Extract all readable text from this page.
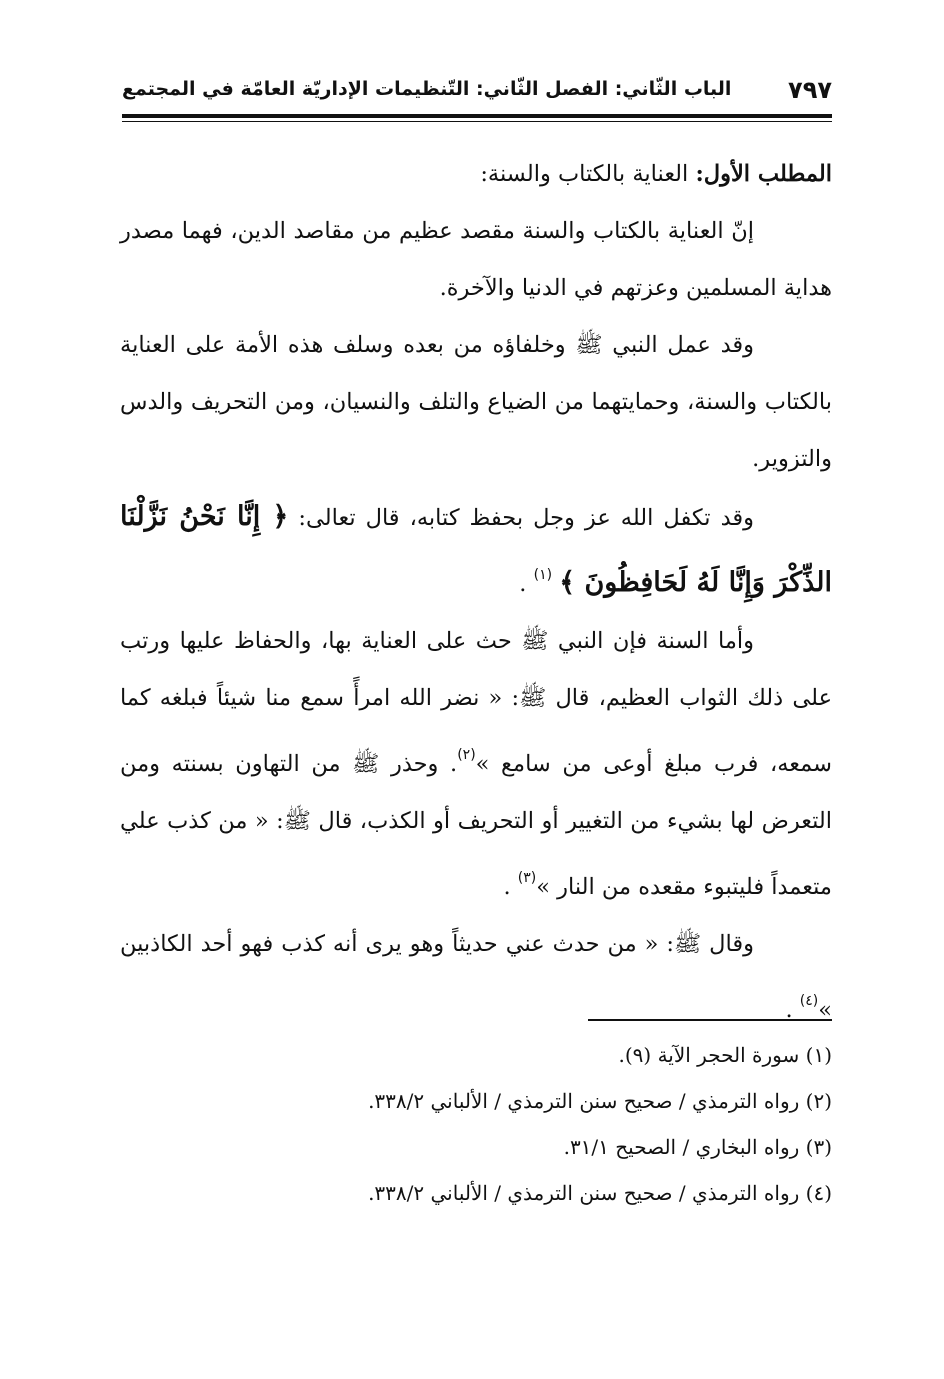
٧٩٧
الباب الثّاني: الفصل الثّاني: التّنظيمات الإداريّة العامّة في المجتمع

المطلب الأول: العناية بالكتاب والسنة:

إنّ العناية بالكتاب والسنة مقصد عظيم من مقاصد الدين، فهما مصدر هداية المسلمين وعزتهم في الدنيا والآخرة.

وقد عمل النبي ﷺ وخلفاؤه من بعده وسلف هذه الأمة على العناية بالكتاب والسنة، وحمايتهما من الضياع والتلف والنسيان، ومن التحريف والدس والتزوير.

وقد تكفل الله عز وجل بحفظ كتابه، قال تعالى: ﴿ إِنَّا نَحْنُ نَزَّلْنَا الذِّكْرَ وَإِنَّا لَهُ لَحَافِظُونَ ﴾ $^{(١)}$ .

وأما السنة فإن النبي ﷺ حث على العناية بها، والحفاظ عليها ورتب على ذلك الثواب العظيم، قال ﷺ: « نضر الله امرأً سمع منا شيئاً فبلغه كما سمعه، فرب مبلغ أوعى من سامع »$^{(٢)}$. وحذر ﷺ من التهاون بسنته ومن التعرض لها بشيء من التغيير أو التحريف أو الكذب، قال ﷺ: « من كذب علي متعمداً فليتبوء مقعده من النار »$^{(٣)}$ .

وقال ﷺ: « من حدث عني حديثاً وهو يرى أنه كذب فهو أحد الكاذبين »$^{(٤)}$ .

(١) سورة الحجر الآية (٩).

(٢) رواه الترمذي / صحيح سنن الترمذي / الألباني ٣٣٨/٢.

(٣) رواه البخاري / الصحيح ٣١/١.

(٤) رواه الترمذي / صحيح سنن الترمذي / الألباني ٣٣٨/٢.
